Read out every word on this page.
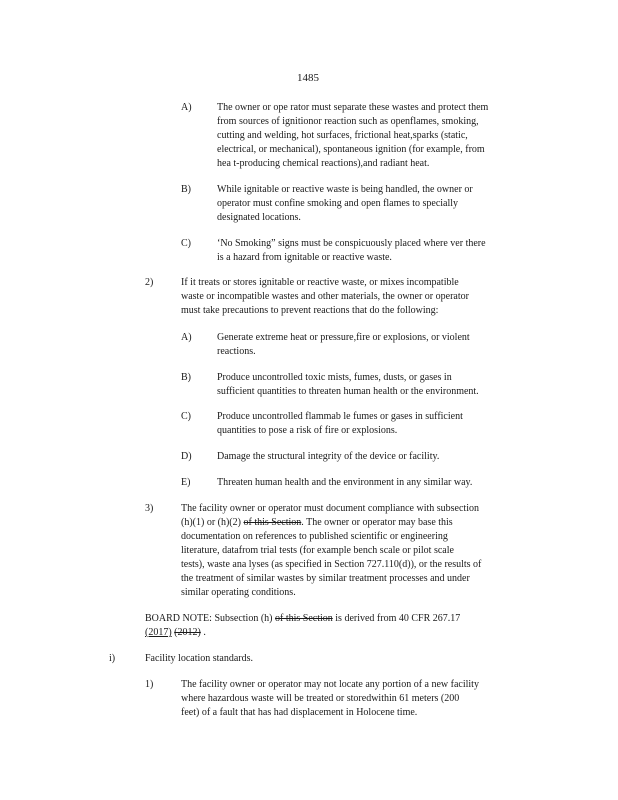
1485
A)	The owner or ope rator must separate these wastes and protect them
from sources of ignitionor reaction such as openflames, smoking,
cutting and welding, hot surfaces, frictional heat,sparks (static,
electrical, or mechanical), spontaneous ignition (for example, from
hea t-producing chemical reactions),and radiant heat.
B)	While ignitable or reactive waste is being handled, the owner or
operator must confine smoking and open flames to specially
designated locations.
C)	‘No Smoking” signs must be conspicuously placed where ver there
is a hazard from ignitable or reactive waste.
2)	If it treats or stores ignitable or reactive waste, or mixes incompatible
waste or incompatible wastes and other materials, the owner or operator
must take precautions to prevent reactions that do the following:
A)	Generate extreme heat or pressure,fire or explosions, or violent
reactions.
B)	Produce uncontrolled toxic mists, fumes, dusts, or gases in
sufficient quantities to threaten human health or the environment.
C)	Produce uncontrolled flammab le fumes or gases in sufficient
quantities to pose a risk of fire or explosions.
D)	Damage the structural integrity of the device or facility.
E)	Threaten human health and the environment in any similar way.
3)	The facility owner or operator must document compliance with subsection
(h)(1) or (h)(2) of this Section. The owner or operator may base this
documentation on references to published scientific or engineering
literature, datafrom trial tests (for example bench scale or pilot scale
tests), waste ana lyses (as specified in Section 727.110(d)), or the results of
the treatment of similar wastes by similar treatment processes and under
similar operating conditions.
BOARD NOTE: Subsection (h) of this Section is derived from 40 CFR 267.17
(2017) (2012) .
i)	Facility location standards.
1)	The facility owner or operator may not locate any portion of a new facility
where hazardous waste will be treated or storedwithin 61 meters (200
feet) of a fault that has had displacement in Holocene time.
